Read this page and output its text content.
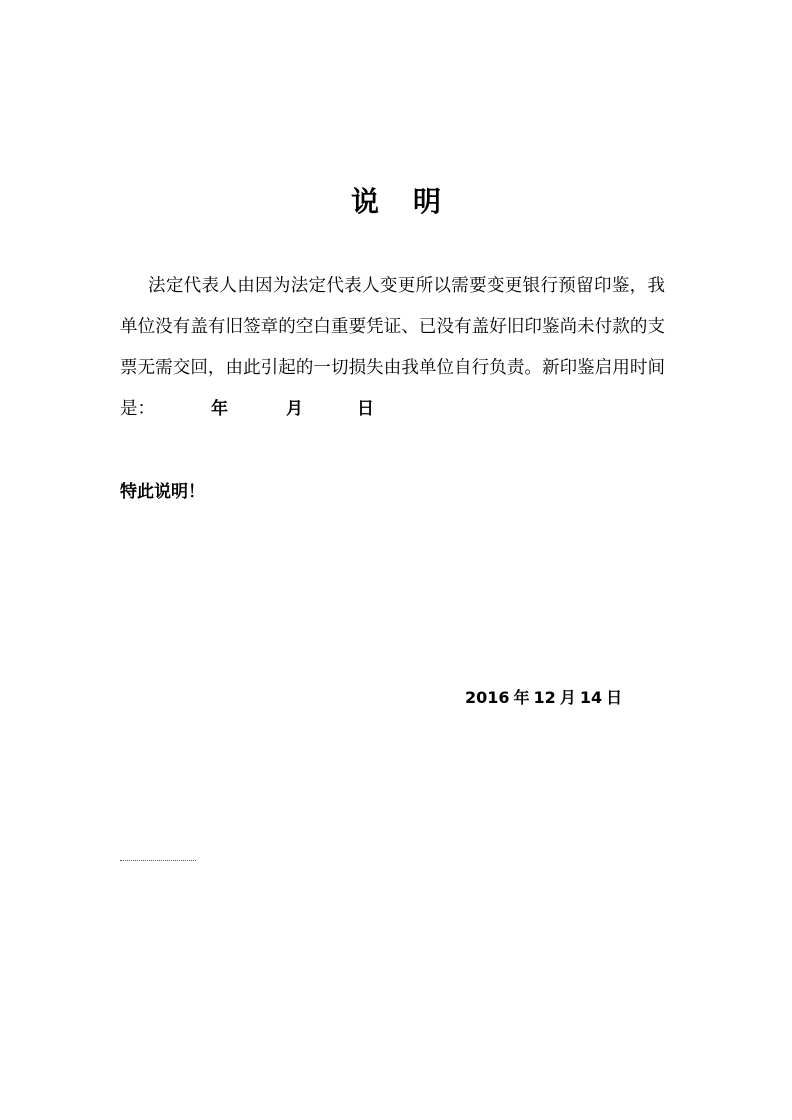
说明

法定代表人由因为法定代表人变更所以需要变更银行预留印鉴，我单位没有盖有旧签章的空白重要凭证、已没有盖好旧印鉴尚未付款的支票无需交回，由此引起的一切损失由我单位自行负责。新印鉴启用时间是：	年	月	日

特此说明！
2016 年 12 月 14 日
